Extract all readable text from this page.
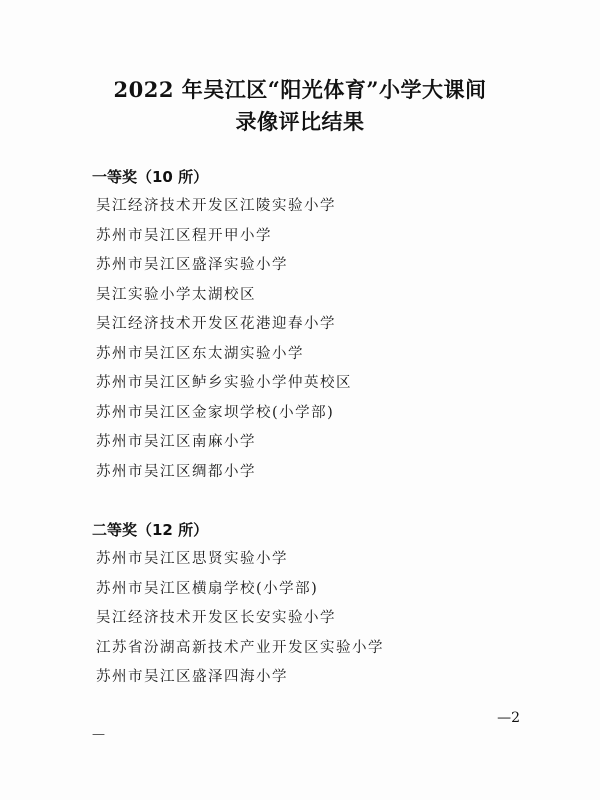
2022 年吴江区“阳光体育”小学大课间
录像评比结果
一等奖（10 所）
吴江经济技术开发区江陵实验小学
苏州市吴江区程开甲小学
苏州市吴江区盛泽实验小学
吴江实验小学太湖校区
吴江经济技术开发区花港迎春小学
苏州市吴江区东太湖实验小学
苏州市吴江区鲈乡实验小学仲英校区
苏州市吴江区金家坝学校(小学部)
苏州市吴江区南麻小学
苏州市吴江区绸都小学
二等奖（12 所）
苏州市吴江区思贤实验小学
苏州市吴江区横扇学校(小学部)
吴江经济技术开发区长安实验小学
江苏省汾湖高新技术产业开发区实验小学
苏州市吴江区盛泽四海小学
—2
—
